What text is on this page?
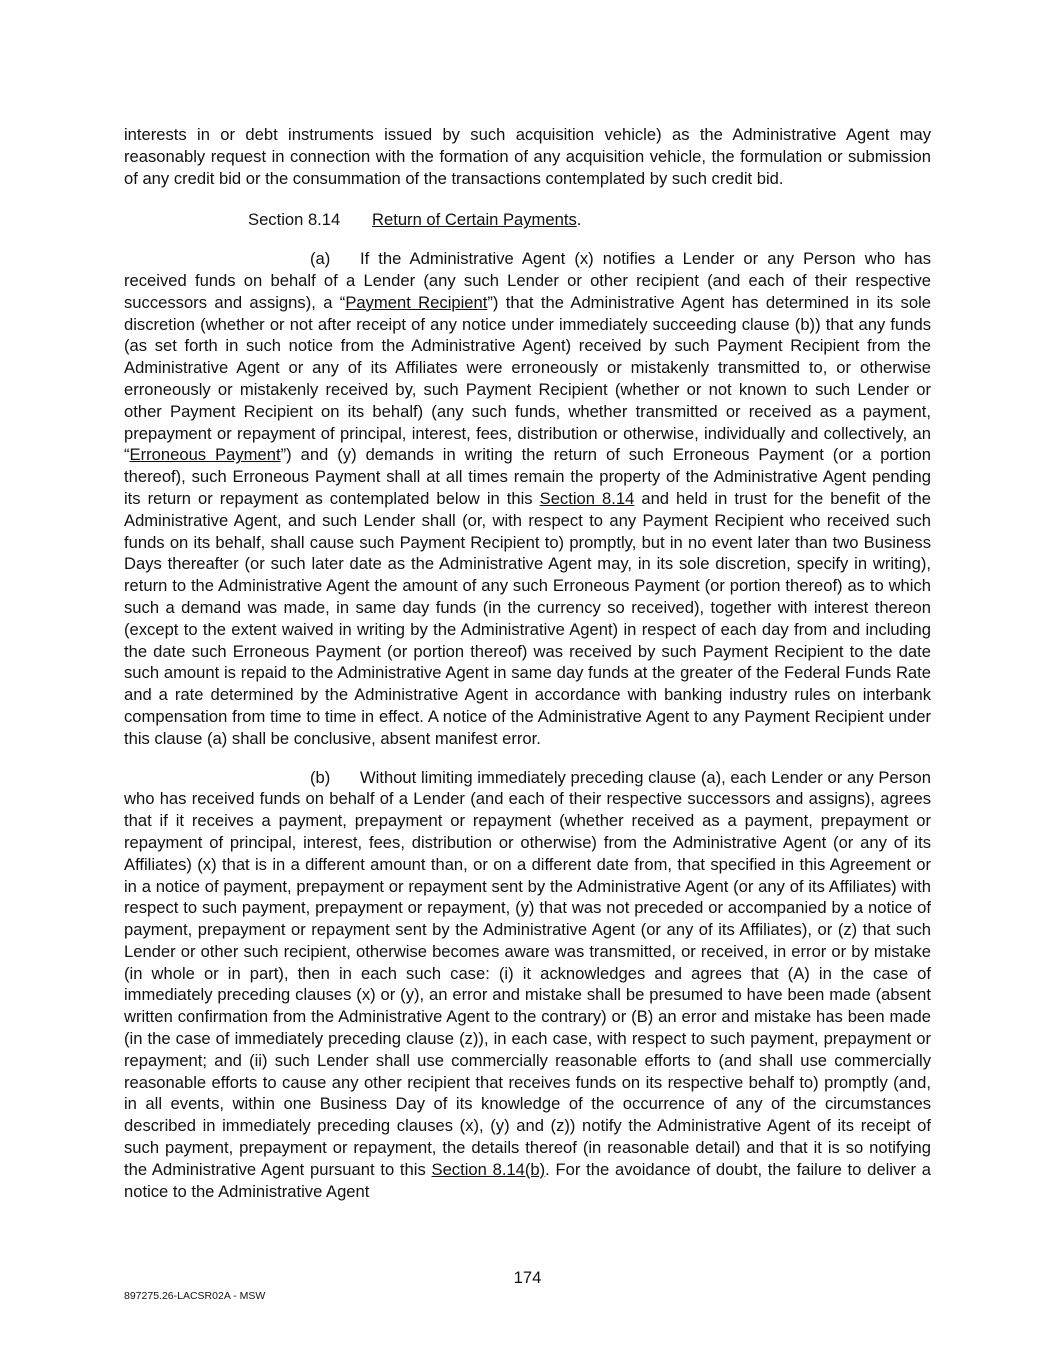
interests in or debt instruments issued by such acquisition vehicle) as the Administrative Agent may reasonably request in connection with the formation of any acquisition vehicle, the formulation or submission of any credit bid or the consummation of the transactions contemplated by such credit bid.

Section 8.14 Return of Certain Payments.

(a) If the Administrative Agent (x) notifies a Lender or any Person who has received funds on behalf of a Lender (any such Lender or other recipient (and each of their respective successors and assigns), a “Payment Recipient”) that the Administrative Agent has determined in its sole discretion (whether or not after receipt of any notice under immediately succeeding clause (b)) that any funds (as set forth in such notice from the Administrative Agent) received by such Payment Recipient from the Administrative Agent or any of its Affiliates were erroneously or mistakenly transmitted to, or otherwise erroneously or mistakenly received by, such Payment Recipient (whether or not known to such Lender or other Payment Recipient on its behalf) (any such funds, whether transmitted or received as a payment, prepayment or repayment of principal, interest, fees, distribution or otherwise, individually and collectively, an “Erroneous Payment”) and (y) demands in writing the return of such Erroneous Payment (or a portion thereof), such Erroneous Payment shall at all times remain the property of the Administrative Agent pending its return or repayment as contemplated below in this Section 8.14 and held in trust for the benefit of the Administrative Agent, and such Lender shall (or, with respect to any Payment Recipient who received such funds on its behalf, shall cause such Payment Recipient to) promptly, but in no event later than two Business Days thereafter (or such later date as the Administrative Agent may, in its sole discretion, specify in writing), return to the Administrative Agent the amount of any such Erroneous Payment (or portion thereof) as to which such a demand was made, in same day funds (in the currency so received), together with interest thereon (except to the extent waived in writing by the Administrative Agent) in respect of each day from and including the date such Erroneous Payment (or portion thereof) was received by such Payment Recipient to the date such amount is repaid to the Administrative Agent in same day funds at the greater of the Federal Funds Rate and a rate determined by the Administrative Agent in accordance with banking industry rules on interbank compensation from time to time in effect. A notice of the Administrative Agent to any Payment Recipient under this clause (a) shall be conclusive, absent manifest error.

(b) Without limiting immediately preceding clause (a), each Lender or any Person who has received funds on behalf of a Lender (and each of their respective successors and assigns), agrees that if it receives a payment, prepayment or repayment (whether received as a payment, prepayment or repayment of principal, interest, fees, distribution or otherwise) from the Administrative Agent (or any of its Affiliates) (x) that is in a different amount than, or on a different date from, that specified in this Agreement or in a notice of payment, prepayment or repayment sent by the Administrative Agent (or any of its Affiliates) with respect to such payment, prepayment or repayment, (y) that was not preceded or accompanied by a notice of payment, prepayment or repayment sent by the Administrative Agent (or any of its Affiliates), or (z) that such Lender or other such recipient, otherwise becomes aware was transmitted, or received, in error or by mistake (in whole or in part), then in each such case: (i) it acknowledges and agrees that (A) in the case of immediately preceding clauses (x) or (y), an error and mistake shall be presumed to have been made (absent written confirmation from the Administrative Agent to the contrary) or (B) an error and mistake has been made (in the case of immediately preceding clause (z)), in each case, with respect to such payment, prepayment or repayment; and (ii) such Lender shall use commercially reasonable efforts to (and shall use commercially reasonable efforts to cause any other recipient that receives funds on its respective behalf to) promptly (and, in all events, within one Business Day of its knowledge of the occurrence of any of the circumstances described in immediately preceding clauses (x), (y) and (z)) notify the Administrative Agent of its receipt of such payment, prepayment or repayment, the details thereof (in reasonable detail) and that it is so notifying the Administrative Agent pursuant to this Section 8.14(b). For the avoidance of doubt, the failure to deliver a notice to the Administrative Agent

174
897275.26-LACSR02A - MSW
